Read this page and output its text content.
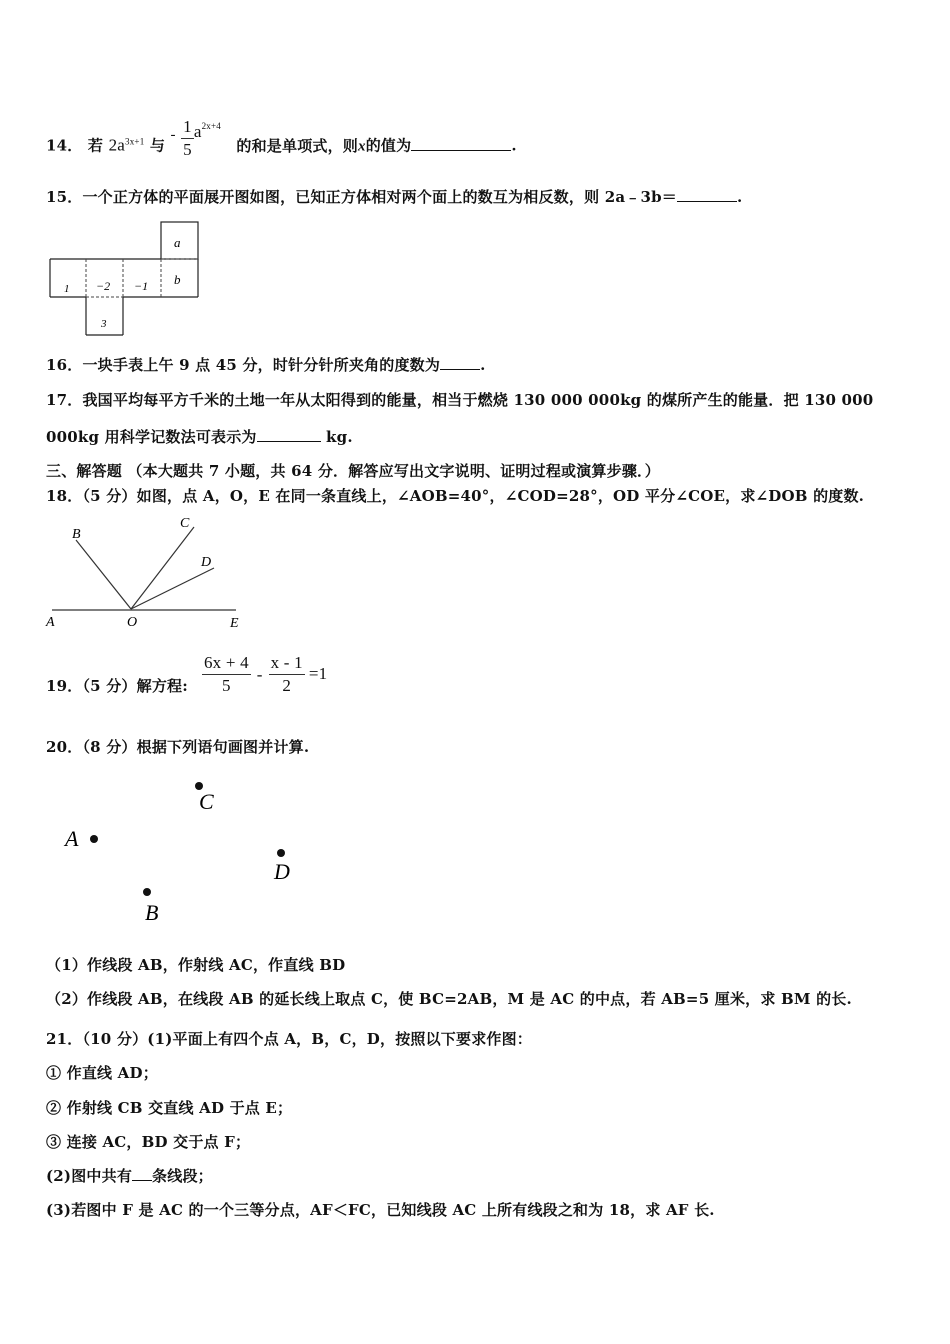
14． 若 $2a^{3x+1}$ 与 - $\frac{1}{5} a^{2x+4}$ 的和是单项式，则x的值为	.
15．一个正方体的平面展开图如图，已知正方体相对两个面上的数互为相反数，则 2a﹣3b＝	.
a
1 −2 −1 b
3
16．一块手表上午 9 点 45 分，时针分针所夹角的度数为	.
17．我国平均每平方千米的土地一年从太阳得到的能量，相当于燃烧 130 000 000kg 的煤所产生的能量．把 130 000
000kg 用科学记数法可表示为	kg.
三、解答题 （本大题共 7 小题，共 64 分．解答应写出文字说明、证明过程或演算步骤．）
18．（5 分）如图，点 A，O，E 在同一条直线上，∠AOB=40°，∠COD=28°，OD 平分∠COE，求∠DOB 的度数.
B
C
D
A	O	E
19．（5 分）解方程: $\frac{6x + 4}{5} - \frac{x - 1}{2} =1$
20．（8 分）根据下列语句画图并计算.
C
A
D
B
（1）作线段 AB，作射线 AC，作直线 BD
（2）作线段 AB，在线段 AB 的延长线上取点 C，使 BC=2AB，M 是 AC 的中点，若 AB=5 厘米，求 BM 的长.
21．（10 分）(1)平面上有四个点 A，B，C，D，按照以下要求作图：
① 作直线 AD；
② 作射线 CB 交直线 AD 于点 E；
③ 连接 AC，BD 交于点 F；
(2)图中共有 条线段；
(3)若图中 F 是 AC 的一个三等分点，AF＜FC，已知线段 AC 上所有线段之和为 18，求 AF 长.
